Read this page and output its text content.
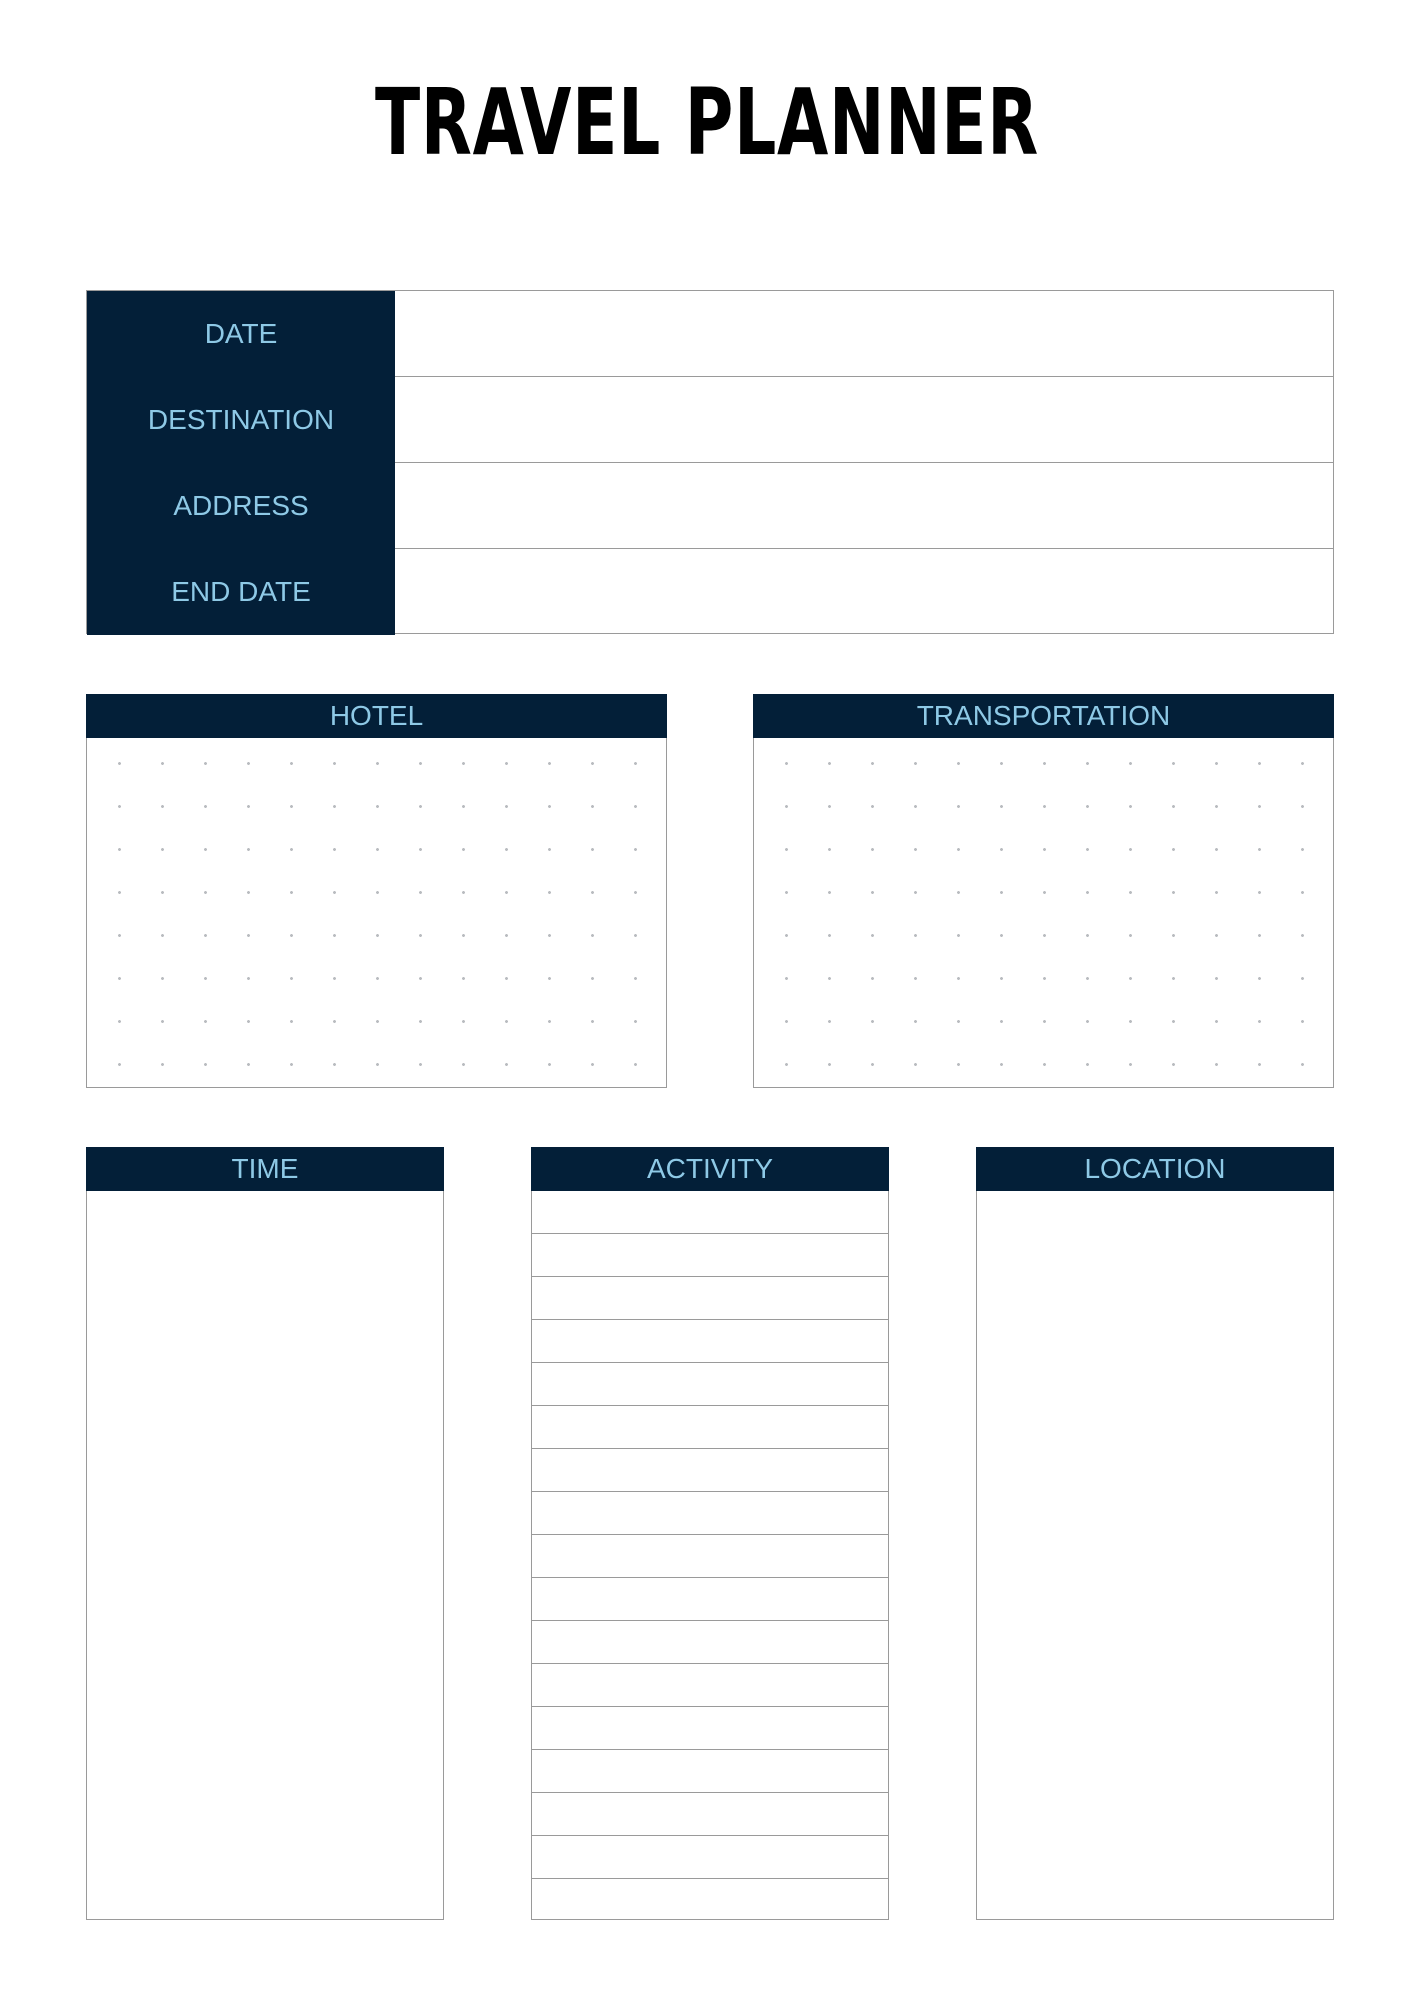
TRAVEL PLANNER
DATE
DESTINATION
ADDRESS
END DATE
HOTEL	TRANSPORTATION
TIME	ACTIVITY	LOCATION
